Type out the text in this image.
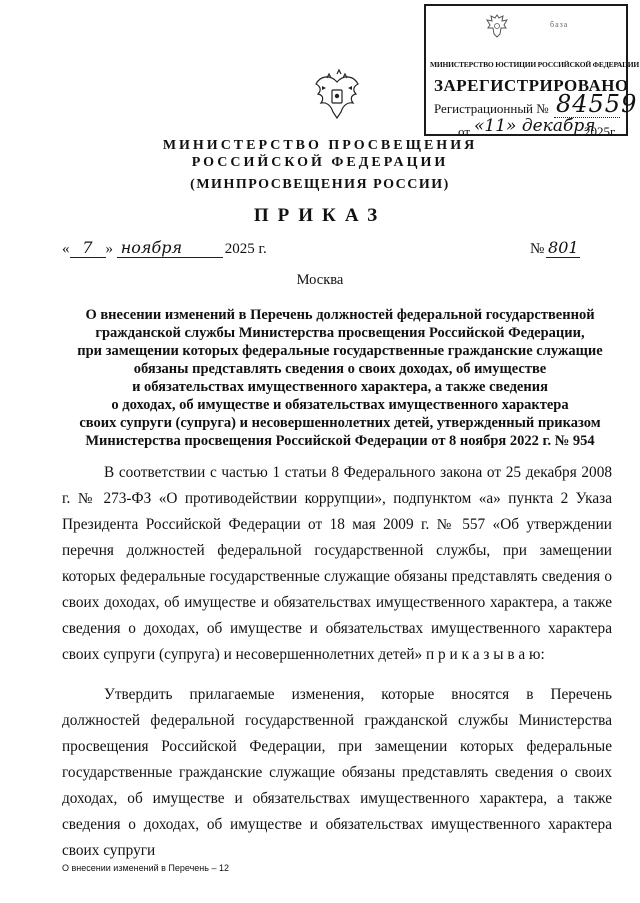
база
МИНИСТЕРСТВО ЮСТИЦИИ РОССИЙСКОЙ ФЕДЕРАЦИИ
ЗАРЕГИСТРИРОВАНО
Регистрационный № 84559
от «11» декабря
2025г.
МИНИСТЕРСТВО ПРОСВЕЩЕНИЯ
РОССИЙСКОЙ ФЕДЕРАЦИИ
(МИНПРОСВЕЩЕНИЯ РОССИИ)
ПРИКАЗ
« 7 » ноября	2025 г.	№ 801
Москва
О внесении изменений в Перечень должностей федеральной государственной
гражданской службы Министерства просвещения Российской Федерации,
при замещении которых федеральные государственные гражданские служащие
обязаны представлять сведения о своих доходах, об имуществе
и обязательствах имущественного характера, а также сведения
о доходах, об имуществе и обязательствах имущественного характера
своих супруги (супруга) и несовершеннолетних детей, утвержденный приказом
Министерства просвещения Российской Федерации от 8 ноября 2022 г. № 954

В соответствии с частью 1 статьи 8 Федерального закона от 25 декабря 2008 г. № 273-ФЗ «О противодействии коррупции», подпунктом «а» пункта 2 Указа Президента Российской Федерации от 18 мая 2009 г. № 557 «Об утверждении перечня должностей федеральной государственной службы, при замещении которых федеральные государственные служащие обязаны представлять сведения о своих доходах, об имуществе и обязательствах имущественного характера, а также сведения о доходах, об имуществе и обязательствах имущественного характера своих супруги (супруга) и несовершеннолетних детей» п р и к а з ы в а ю:

Утвердить прилагаемые изменения, которые вносятся в Перечень должностей федеральной государственной гражданской службы Министерства просвещения Российской Федерации, при замещении которых федеральные государственные гражданские служащие обязаны представлять сведения о своих доходах, об имуществе и обязательствах имущественного характера, а также сведения о доходах, об имуществе и обязательствах имущественного характера своих супруги

О внесении изменений в Перечень – 12
